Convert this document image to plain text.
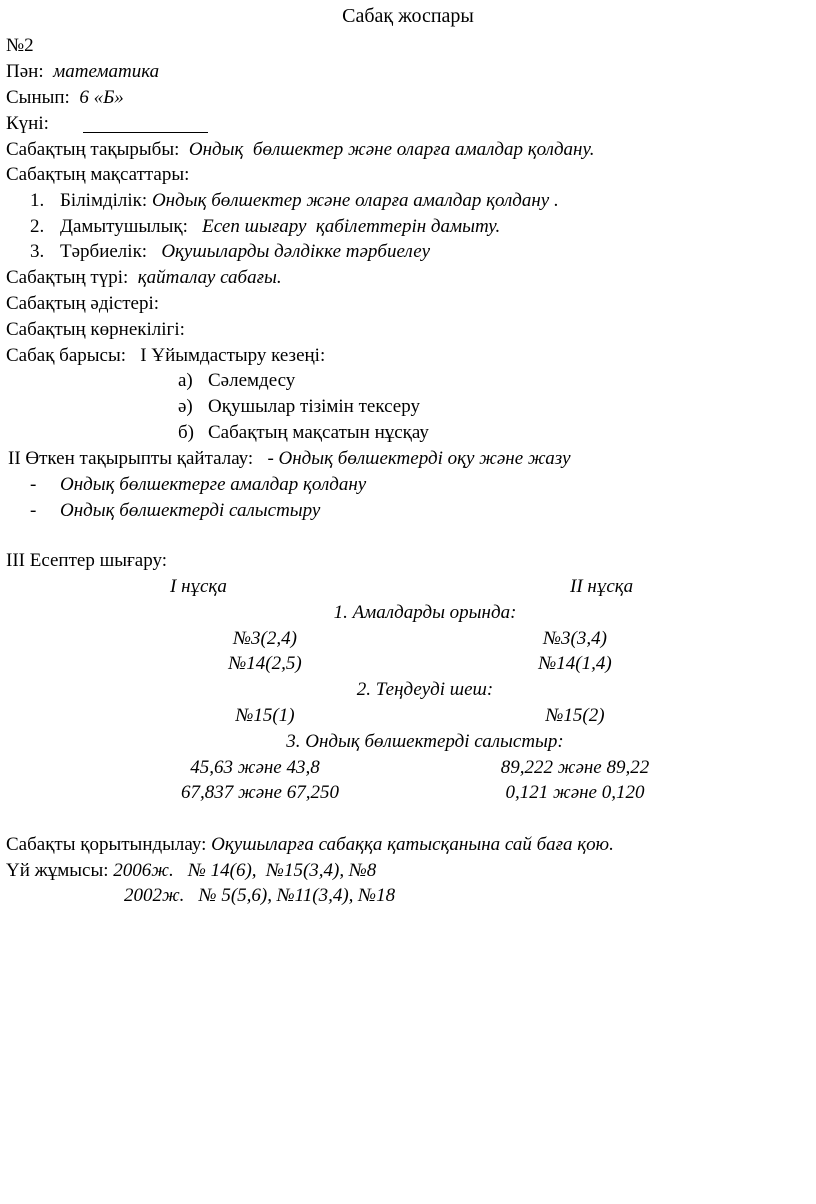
Сабақ жоспары
№2
Пән: математика
Сынып: 6 «Б»
Күні:
Сабақтың тақырыбы: Ондық  бөлшектер және оларға амалдар қолдану.
Сабақтың мақсаттары:
1. Білімділік: Ондық бөлшектер және оларға амалдар қолдану .
2. Дамытушылық: Есеп шығару  қабілеттерін дамыту.
3. Тәрбиелік: Оқушыларды дәлдікке тәрбиелеу
Сабақтың түрі: қайталау сабағы.
Сабақтың әдістері:
Сабақтың көрнекілігі:
Сабақ барысы: I Ұйымдастыру кезеңі:
а) Сәлемдесу
ә) Оқушылар тізімін тексеру
б) Сабақтың мақсатын нұсқау
II Өткен тақырыпты қайталау: - Ондық бөлшектерді оқу және жазу
- Ондық бөлшектерге амалдар қолдану
- Ондық бөлшектерді салыстыру
III Есептер шығару:
I нұсқа	II нұсқа
1. Амалдарды орында:
№3(2,4)	№3(3,4)
№14(2,5)	№14(1,4)
2. Теңдеуді шеш:
№15(1)	№15(2)
3. Ондық бөлшектерді салыстыр:
45,63 және 43,8	89,222 және 89,22
67,837 және 67,250	0,121 және 0,120
Сабақты қорытындылау: Оқушыларға сабаққа қатысқанына сай баға қою.
Үй жұмысы: 2006ж.   № 14(6),  №15(3,4), №8
2002ж.   № 5(5,6), №11(3,4), №18
